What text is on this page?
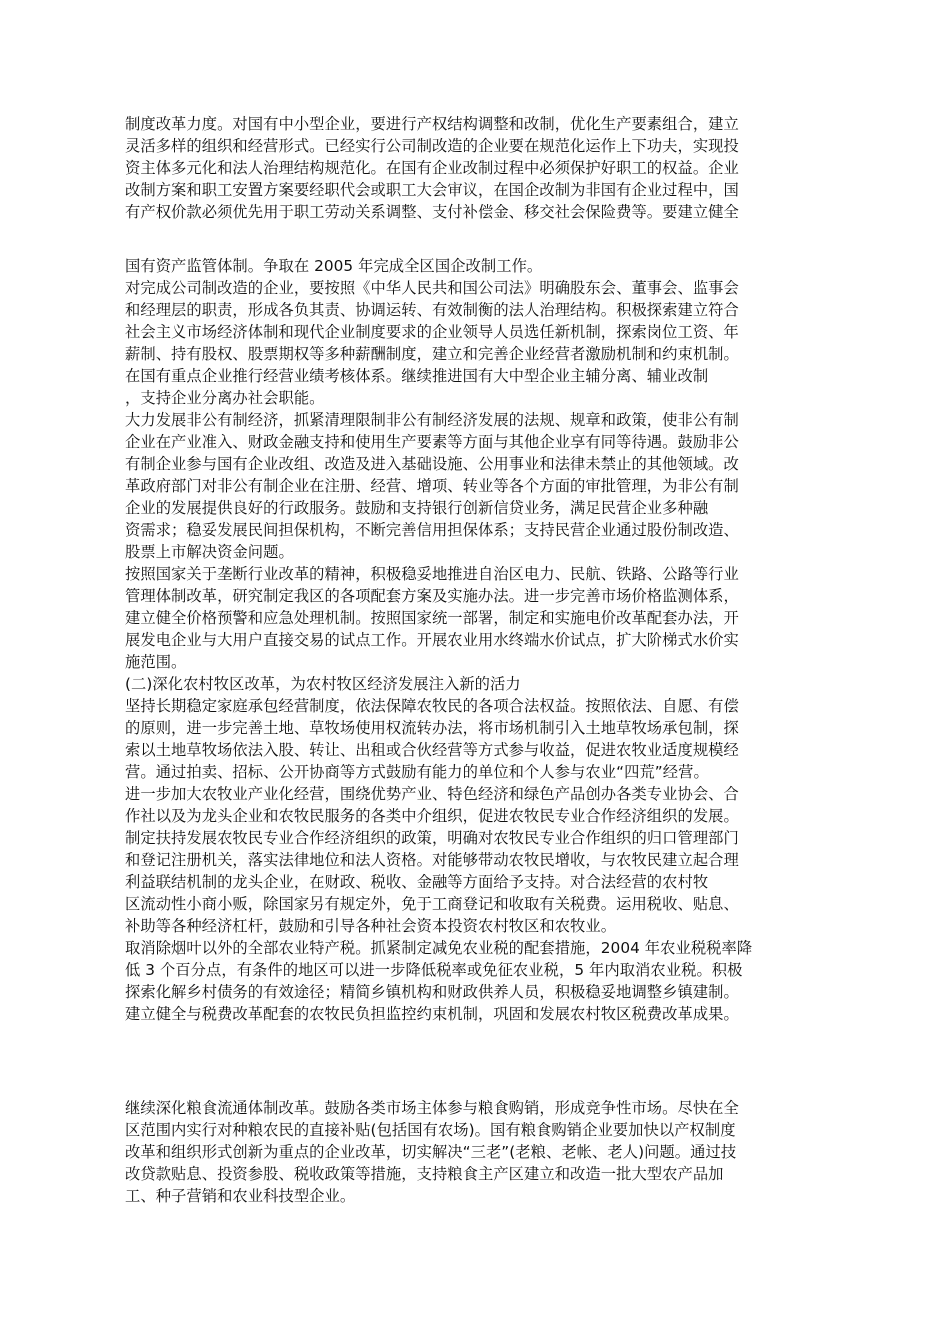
制度改革力度。对国有中小型企业，要进行产权结构调整和改制，优化生产要素组合，建立
灵活多样的组织和经营形式。已经实行公司制改造的企业要在规范化运作上下功夫，实现投
资主体多元化和法人治理结构规范化。在国有企业改制过程中必须保护好职工的权益。企业
改制方案和职工安置方案要经职代会或职工大会审议，在国企改制为非国有企业过程中，国
有产权价款必须优先用于职工劳动关系调整、支付补偿金、移交社会保险费等。要建立健全
国有资产监管体制。争取在 2005 年完成全区国企改制工作。
对完成公司制改造的企业，要按照《中华人民共和国公司法》明确股东会、董事会、监事会
和经理层的职责，形成各负其责、协调运转、有效制衡的法人治理结构。积极探索建立符合
社会主义市场经济体制和现代企业制度要求的企业领导人员选任新机制，探索岗位工资、年
薪制、持有股权、股票期权等多种薪酬制度，建立和完善企业经营者激励机制和约束机制。
在国有重点企业推行经营业绩考核体系。继续推进国有大中型企业主辅分离、辅业改制
，支持企业分离办社会职能。
大力发展非公有制经济，抓紧清理限制非公有制经济发展的法规、规章和政策，使非公有制
企业在产业准入、财政金融支持和使用生产要素等方面与其他企业享有同等待遇。鼓励非公
有制企业参与国有企业改组、改造及进入基础设施、公用事业和法律未禁止的其他领域。改
革政府部门对非公有制企业在注册、经营、增项、转业等各个方面的审批管理，为非公有制
企业的发展提供良好的行政服务。鼓励和支持银行创新信贷业务，满足民营企业多种融
资需求；稳妥发展民间担保机构，不断完善信用担保体系；支持民营企业通过股份制改造、
股票上市解决资金问题。
按照国家关于垄断行业改革的精神，积极稳妥地推进自治区电力、民航、铁路、公路等行业
管理体制改革，研究制定我区的各项配套方案及实施办法。进一步完善市场价格监测体系，
建立健全价格预警和应急处理机制。按照国家统一部署，制定和实施电价改革配套办法，开
展发电企业与大用户直接交易的试点工作。开展农业用水终端水价试点，扩大阶梯式水价实
施范围。
(二)深化农村牧区改革，为农村牧区经济发展注入新的活力
坚持长期稳定家庭承包经营制度，依法保障农牧民的各项合法权益。按照依法、自愿、有偿
的原则，进一步完善土地、草牧场使用权流转办法，将市场机制引入土地草牧场承包制，探
索以土地草牧场依法入股、转让、出租或合伙经营等方式参与收益，促进农牧业适度规模经
营。通过拍卖、招标、公开协商等方式鼓励有能力的单位和个人参与农业“四荒”经营。
进一步加大农牧业产业化经营，围绕优势产业、特色经济和绿色产品创办各类专业协会、合
作社以及为龙头企业和农牧民服务的各类中介组织，促进农牧民专业合作经济组织的发展。
制定扶持发展农牧民专业合作经济组织的政策，明确对农牧民专业合作组织的归口管理部门
和登记注册机关，落实法律地位和法人资格。对能够带动农牧民增收，与农牧民建立起合理
利益联结机制的龙头企业，在财政、税收、金融等方面给予支持。对合法经营的农村牧
区流动性小商小贩，除国家另有规定外，免于工商登记和收取有关税费。运用税收、贴息、
补助等各种经济杠杆，鼓励和引导各种社会资本投资农村牧区和农牧业。
取消除烟叶以外的全部农业特产税。抓紧制定减免农业税的配套措施，2004 年农业税税率降
低 3 个百分点，有条件的地区可以进一步降低税率或免征农业税，5 年内取消农业税。积极
探索化解乡村债务的有效途径；精简乡镇机构和财政供养人员，积极稳妥地调整乡镇建制。
建立健全与税费改革配套的农牧民负担监控约束机制，巩固和发展农村牧区税费改革成果。
继续深化粮食流通体制改革。鼓励各类市场主体参与粮食购销，形成竞争性市场。尽快在全
区范围内实行对种粮农民的直接补贴(包括国有农场)。国有粮食购销企业要加快以产权制度
改革和组织形式创新为重点的企业改革，切实解决“三老”(老粮、老帐、老人)问题。通过技
改贷款贴息、投资参股、税收政策等措施，支持粮食主产区建立和改造一批大型农产品加
工、种子营销和农业科技型企业。
